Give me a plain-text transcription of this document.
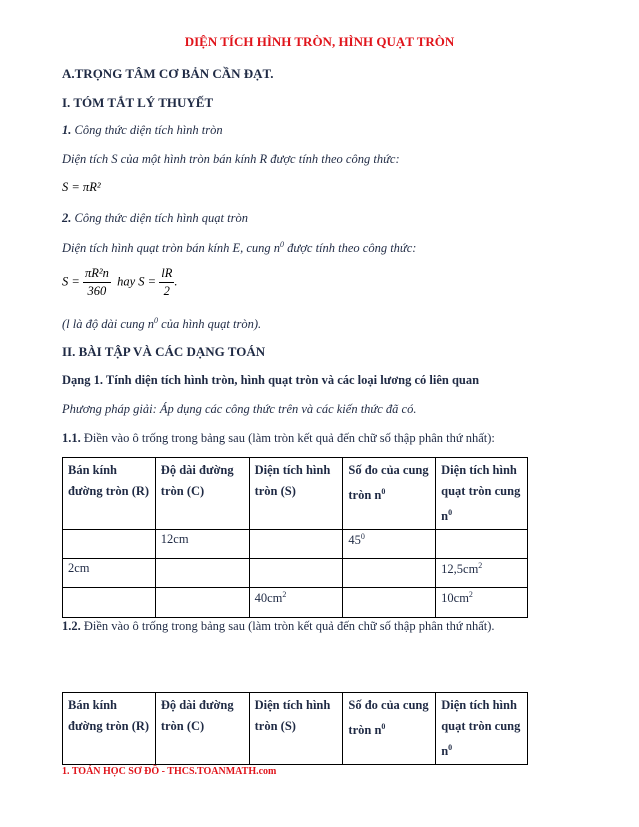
DIỆN TÍCH HÌNH TRÒN, HÌNH QUẠT TRÒN
A.TRỌNG TÂM CƠ BẢN CẦN ĐẠT.
I. TÓM TẮT LÝ THUYẾT
1. Công thức diện tích hình tròn
Diện tích S của một hình tròn bán kính R được tính theo công thức:
S = πR²
2. Công thức diện tích hình quạt tròn
Diện tích hình quạt tròn bán kính E, cung $n^0$ được tính theo công thức:
$S = \frac{\text{πR²n}}{360}$ hay $S = \frac{lR}{2}$ .
(l là độ dài cung $n^0$ của hình quạt tròn).
II. BÀI TẬP VÀ CÁC DẠNG TOÁN
Dạng 1. Tính diện tích hình tròn, hình quạt tròn và các loại lương có liên quan
Phương pháp giải: Áp dụng các công thức trên và các kiến thức đã có.
1.1. Điền vào ô trống trong bảng sau (làm tròn kết quả đến chữ số thập phân thứ nhất):
Bán kính đường tròn (R)	Độ dài đường tròn (C)	Diện tích hình tròn (S)	Số đo của cung tròn $n^0$	Diện tích hình quạt tròn cung $n^0$
	12cm		$45^0$	
2cm				$12,5cm^2$
		$40cm^2$		$10cm^2$
1.2. Điền vào ô trống trong bảng sau (làm tròn kết quả đến chữ số thập phân thứ nhất).
Bán kính đường tròn (R)	Độ dài đường tròn (C)	Diện tích hình tròn (S)	Số đo của cung tròn $n^0$	Diện tích hình quạt tròn cung $n^0$
1. TOÁN HỌC SƠ ĐỒ - THCS.TOANMATH.com
